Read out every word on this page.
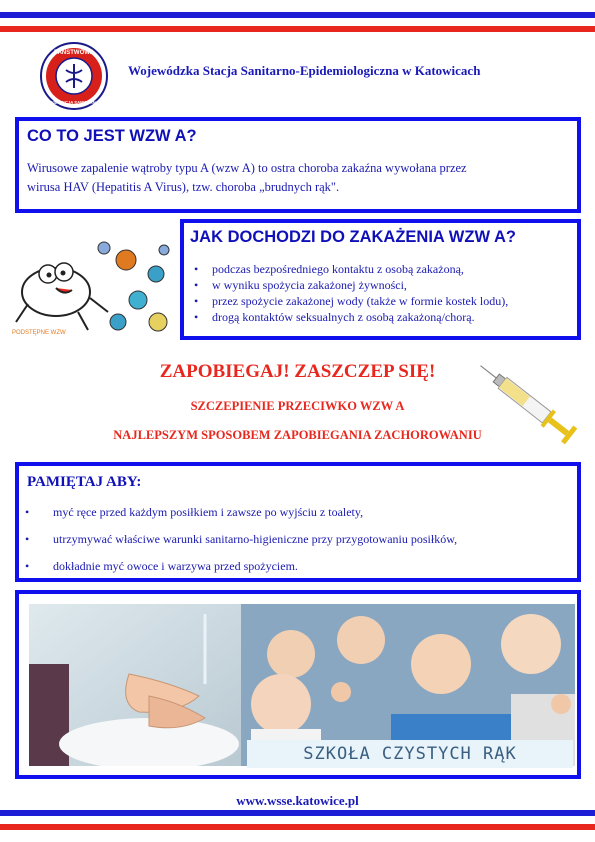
PAŃSTWOWA
INSPEKCJA SANITARNA
Wojewódzka Stacja Sanitarno-Epidemiologiczna w Katowicach
CO TO JEST WZW A?
Wirusowe zapalenie wątroby typu A (wzw A) to ostra choroba zakaźna wywołana przez
wirusa HAV (Hepatitis A Virus), tzw. choroba „brudnych rąk".
PODSTĘPNE WZW
JAK DOCHODZI DO ZAKAŻENIA WZW A?
• podczas bezpośredniego kontaktu z osobą zakażoną,
• w wyniku spożycia zakażonej żywności,
• przez spożycie zakażonej wody (także w formie kostek lodu),
• drogą kontaktów seksualnych z osobą zakażoną/chorą.
ZAPOBIEGAJ! ZASZCZEP SIĘ!
SZCZEPIENIE PRZECIWKO WZW A
NAJLEPSZYM SPOSOBEM ZAPOBIEGANIA ZACHOROWANIU
PAMIĘTAJ ABY:
• myć ręce przed każdym posiłkiem i zawsze po wyjściu z toalety,
• utrzymywać właściwe warunki sanitarno-higieniczne przy przygotowaniu posiłków,
• dokładnie myć owoce i warzywa przed spożyciem.
SZKOŁA CZYSTYCH RĄK
www.wsse.katowice.pl
